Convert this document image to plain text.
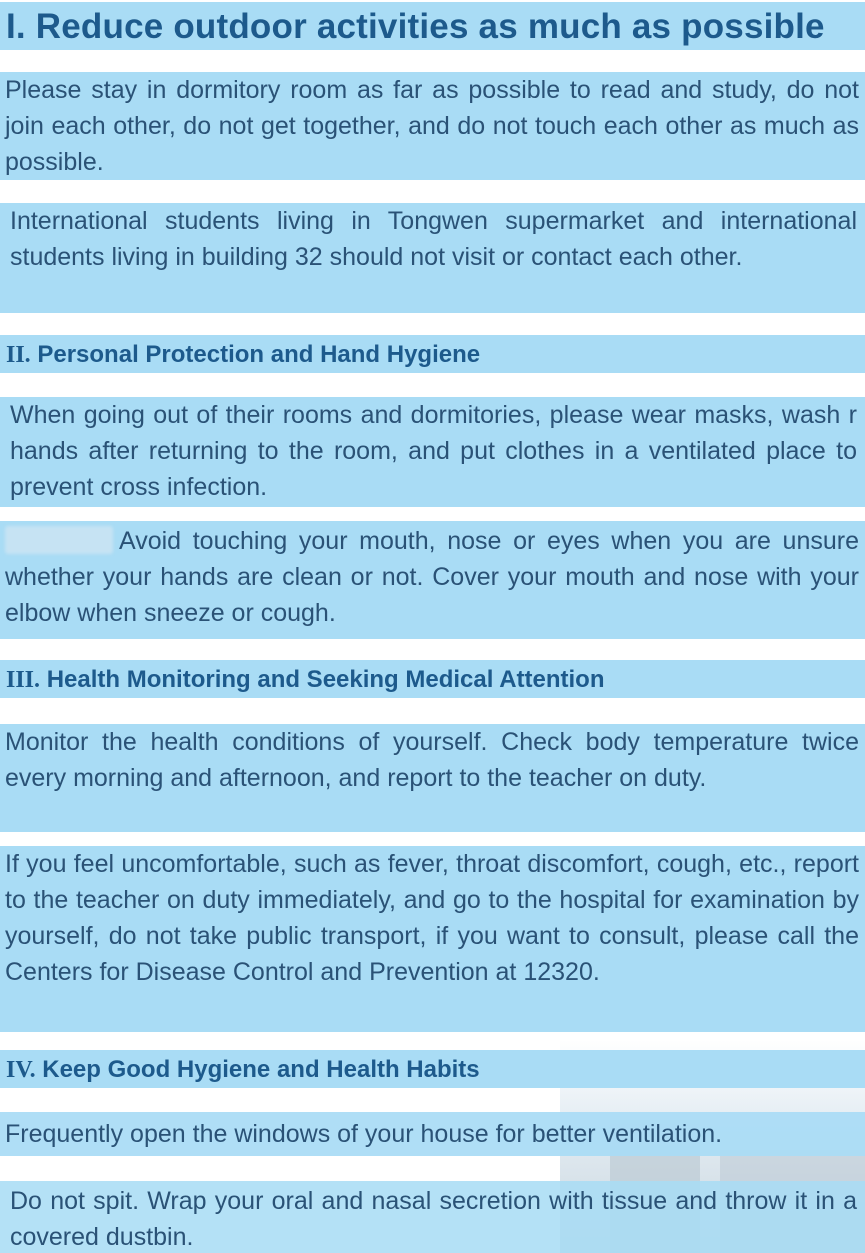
I. Reduce outdoor activities as much as possible
Please stay in dormitory room as far as possible to read and study, do not join each other, do not get together, and do not touch each other as much as possible.
International students living in Tongwen supermarket and international students living in building 32 should not visit or contact each other.
II. Personal Protection and Hand Hygiene
When going out of their rooms and dormitories, please wear masks, wash r hands after returning to the room, and put clothes in a ventilated place to prevent cross infection.
Avoid touching your mouth, nose or eyes when you are unsure whether your hands are clean or not. Cover your mouth and nose with your elbow when sneeze or cough.
III. Health Monitoring and Seeking Medical Attention
Monitor the health conditions of yourself. Check body temperature twice every morning and afternoon, and report to the teacher on duty.
If you feel uncomfortable, such as fever, throat discomfort, cough, etc., report to the teacher on duty immediately, and go to the hospital for examination by yourself, do not take public transport, if you want to consult, please call the Centers for Disease Control and Prevention at 12320.
IV. Keep Good Hygiene and Health Habits
Frequently open the windows of your house for better ventilation.
Do not spit. Wrap your oral and nasal secretion with tissue and throw it in a covered dustbin.
